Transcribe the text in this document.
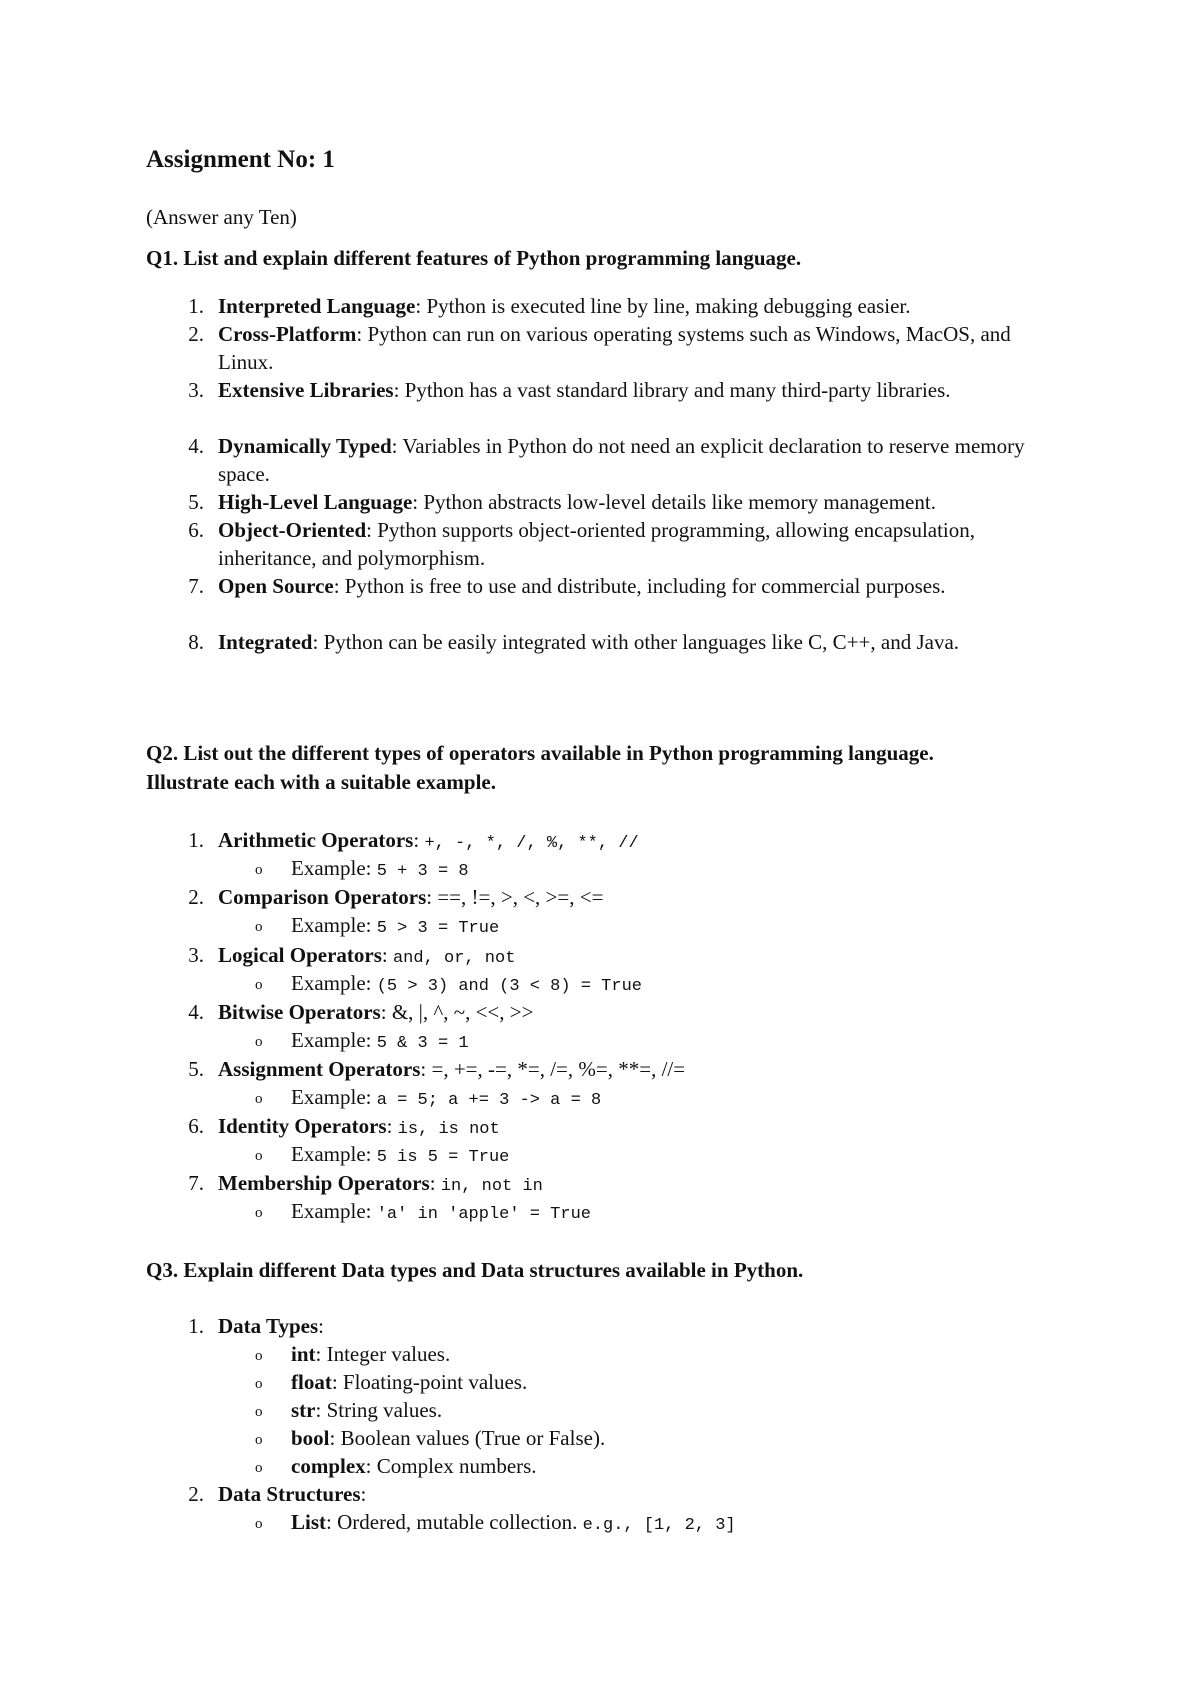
Assignment No: 1

(Answer any Ten)

Q1. List and explain different features of Python programming language.

1. Interpreted Language: Python is executed line by line, making debugging easier.
2. Cross-Platform: Python can run on various operating systems such as Windows, MacOS, and Linux.
3. Extensive Libraries: Python has a vast standard library and many third-party libraries.
4. Dynamically Typed: Variables in Python do not need an explicit declaration to reserve memory space.
5. High-Level Language: Python abstracts low-level details like memory management.
6. Object-Oriented: Python supports object-oriented programming, allowing encapsulation, inheritance, and polymorphism.
7. Open Source: Python is free to use and distribute, including for commercial purposes.
8. Integrated: Python can be easily integrated with other languages like C, C++, and Java.

Q2. List out the different types of operators available in Python programming language.

Illustrate each with a suitable example.

1. Arithmetic Operators: +, -, *, /, %, **, //
o Example: 5 + 3 = 8
2. Comparison Operators: ==, !=, >, <, >=, <=
o Example: 5 > 3 = True
3. Logical Operators: and, or, not
o Example: (5 > 3) and (3 < 8) = True
4. Bitwise Operators: &, |, ^, ~, <<, >>
o Example: 5 & 3 = 1
5. Assignment Operators: =, +=, -=, *=, /=, %=, **=, //=
o Example: a = 5; a += 3 -> a = 8
6. Identity Operators: is, is not
o Example: 5 is 5 = True
7. Membership Operators: in, not in
o Example: 'a' in 'apple' = True

Q3. Explain different Data types and Data structures available in Python.

1. Data Types:
o int: Integer values.
o float: Floating-point values.
o str: String values.
o bool: Boolean values (True or False).
o complex: Complex numbers.
2. Data Structures:
o List: Ordered, mutable collection. e.g., [1, 2, 3]
